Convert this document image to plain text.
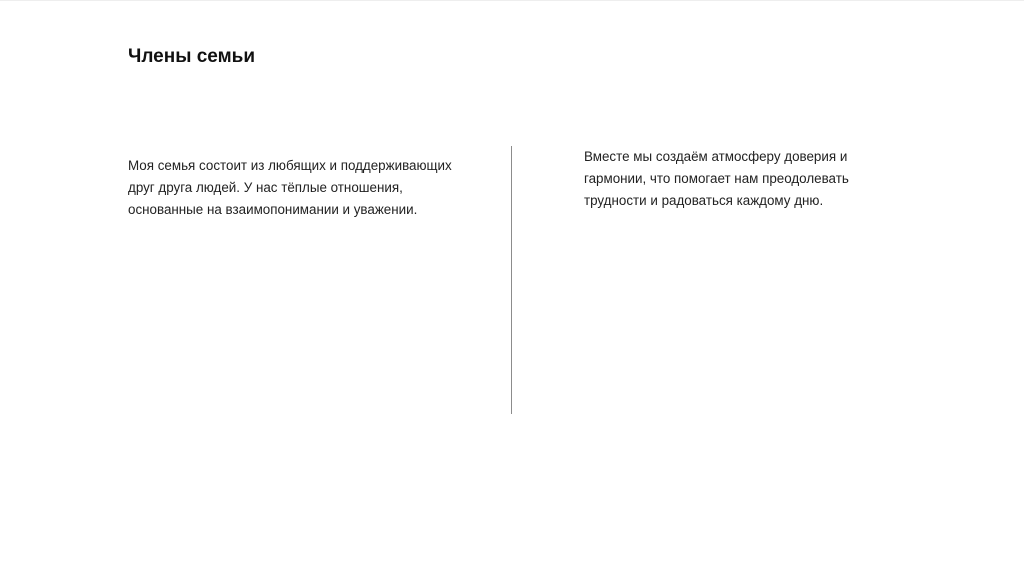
Члены семьи

Моя семья состоит из любящих и поддерживающих
друг друга людей. У нас тёплые отношения,
основанные на взаимопонимании и уважении.

Вместе мы создаём атмосферу доверия и
гармонии, что помогает нам преодолевать
трудности и радоваться каждому дню.
